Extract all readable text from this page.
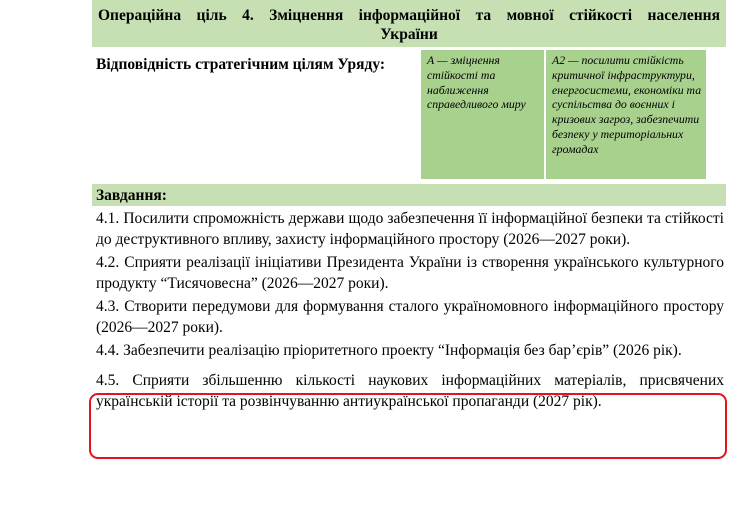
Операційна ціль 4. Зміцнення інформаційної та мовної стійкості населення
України
Відповідність стратегічним цілям Уряду:	А — зміцнення стійкості та наближення справедливого миру
А2 — посилити стійкість критичної інфраструктури, енергосистеми, економіки та суспільства до воєнних і кризових загроз, забезпечити безпеку у територіальних громадах
Завдання:
4.1. Посилити спроможність держави щодо забезпечення її інформаційної безпеки та стійкості до деструктивного впливу, захисту інформаційного простору (2026—2027 роки).
4.2. Сприяти реалізації ініціативи Президента України із створення українського культурного продукту “Тисячовесна” (2026—2027 роки).
4.3. Створити передумови для формування сталого україномовного інформаційного простору (2026—2027 роки).
4.4. Забезпечити реалізацію пріоритетного проекту “Інформація без бар’єрів” (2026 рік).
4.5. Сприяти збільшенню кількості наукових інформаційних матеріалів, присвячених українській історії та розвінчуванню антиукраїнської пропаганди (2027 рік).
